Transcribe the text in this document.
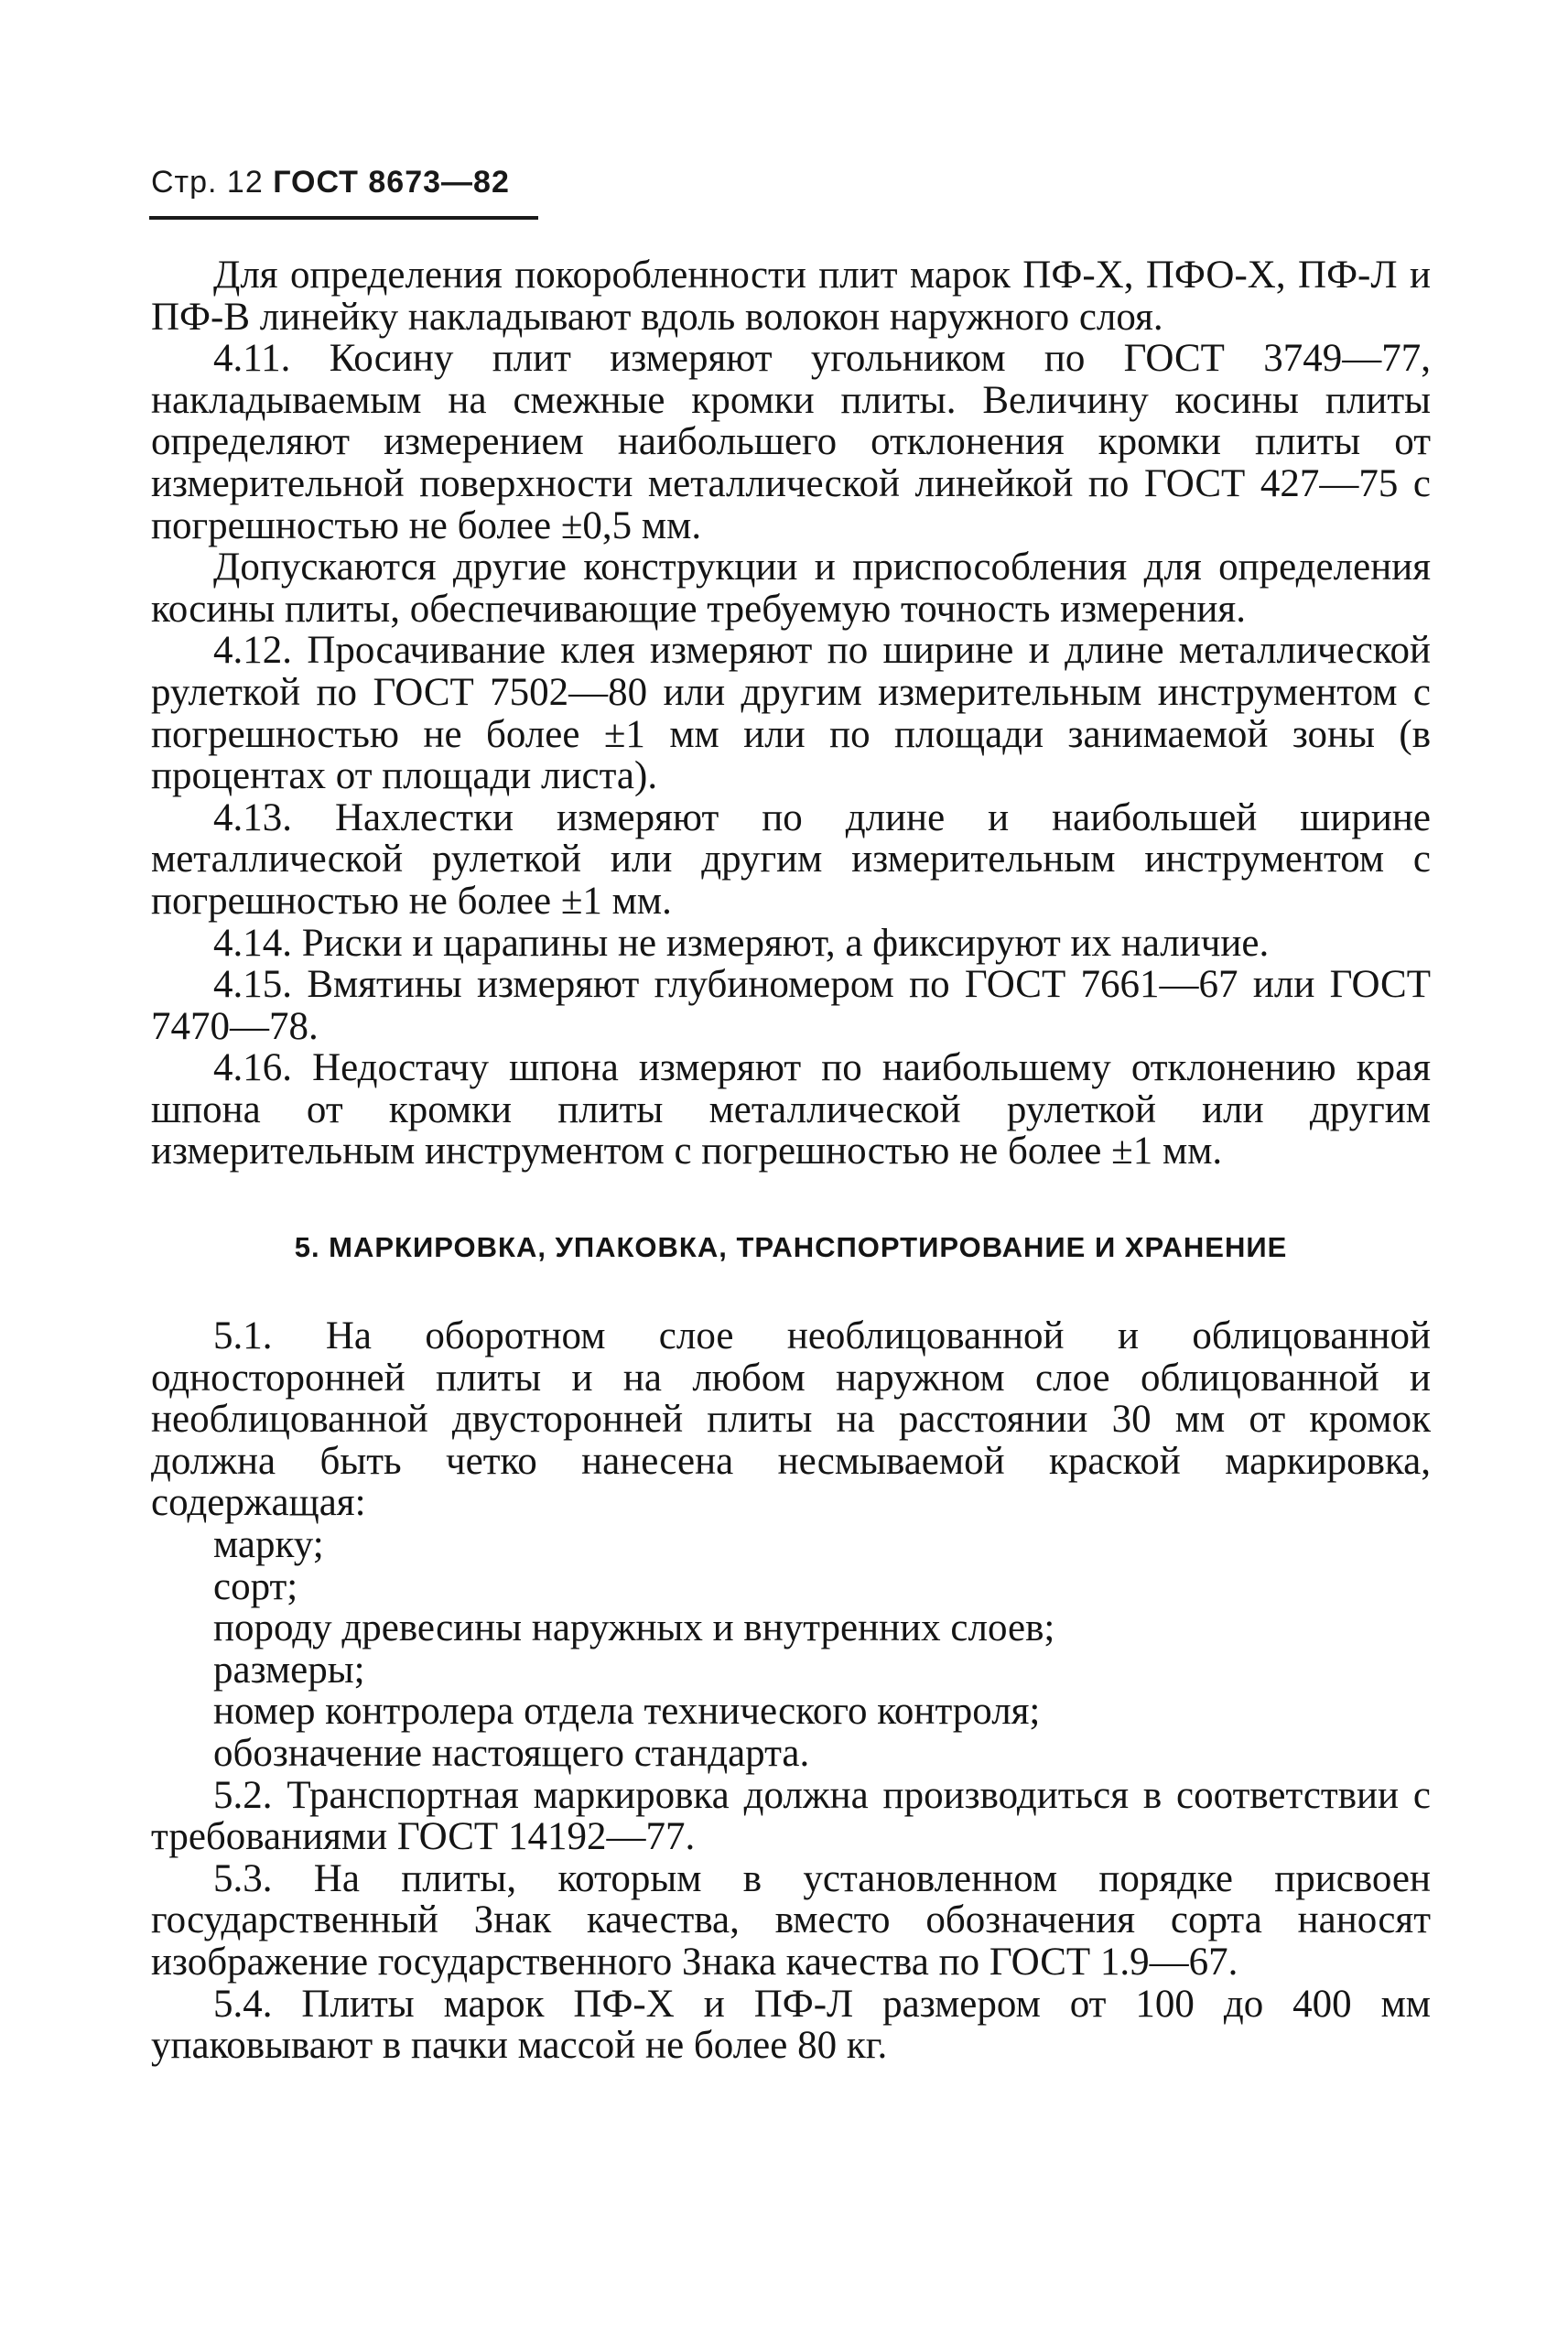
Стр. 12 ГОСТ 8673—82

Для определения покоробленности плит марок ПФ-Х, ПФО-Х, ПФ-Л и ПФ-В линейку накладывают вдоль волокон наружного слоя.

4.11. Косину плит измеряют угольником по ГОСТ 3749—77, накладываемым на смежные кромки плиты. Величину косины плиты определяют измерением наибольшего отклонения кромки плиты от измерительной поверхности металлической линейкой по ГОСТ 427—75 с погрешностью не более ±0,5 мм.

Допускаются другие конструкции и приспособления для определения косины плиты, обеспечивающие требуемую точность измерения.

4.12. Просачивание клея измеряют по ширине и длине металлической рулеткой по ГОСТ 7502—80 или другим измерительным инструментом с погрешностью не более ±1 мм или по площади занимаемой зоны (в процентах от площади листа).

4.13. Нахлестки измеряют по длине и наибольшей ширине металлической рулеткой или другим измерительным инструментом с погрешностью не более ±1 мм.

4.14. Риски и царапины не измеряют, а фиксируют их наличие.

4.15. Вмятины измеряют глубиномером по ГОСТ 7661—67 или ГОСТ 7470—78.

4.16. Недостачу шпона измеряют по наибольшему отклонению края шпона от кромки плиты металлической рулеткой или другим измерительным инструментом с погрешностью не более ±1 мм.

5. МАРКИРОВКА, УПАКОВКА, ТРАНСПОРТИРОВАНИЕ И ХРАНЕНИЕ

5.1. На оборотном слое необлицованной и облицованной односторонней плиты и на любом наружном слое облицованной и необлицованной двусторонней плиты на расстоянии 30 мм от кромок должна быть четко нанесена несмываемой краской маркировка, содержащая:

марку;
сорт;
породу древесины наружных и внутренних слоев;
размеры;
номер контролера отдела технического контроля;
обозначение настоящего стандарта.

5.2. Транспортная маркировка должна производиться в соответствии с требованиями ГОСТ 14192—77.

5.3. На плиты, которым в установленном порядке присвоен государственный Знак качества, вместо обозначения сорта наносят изображение государственного Знака качества по ГОСТ 1.9—67.

5.4. Плиты марок ПФ-Х и ПФ-Л размером от 100 до 400 мм упаковывают в пачки массой не более 80 кг.
